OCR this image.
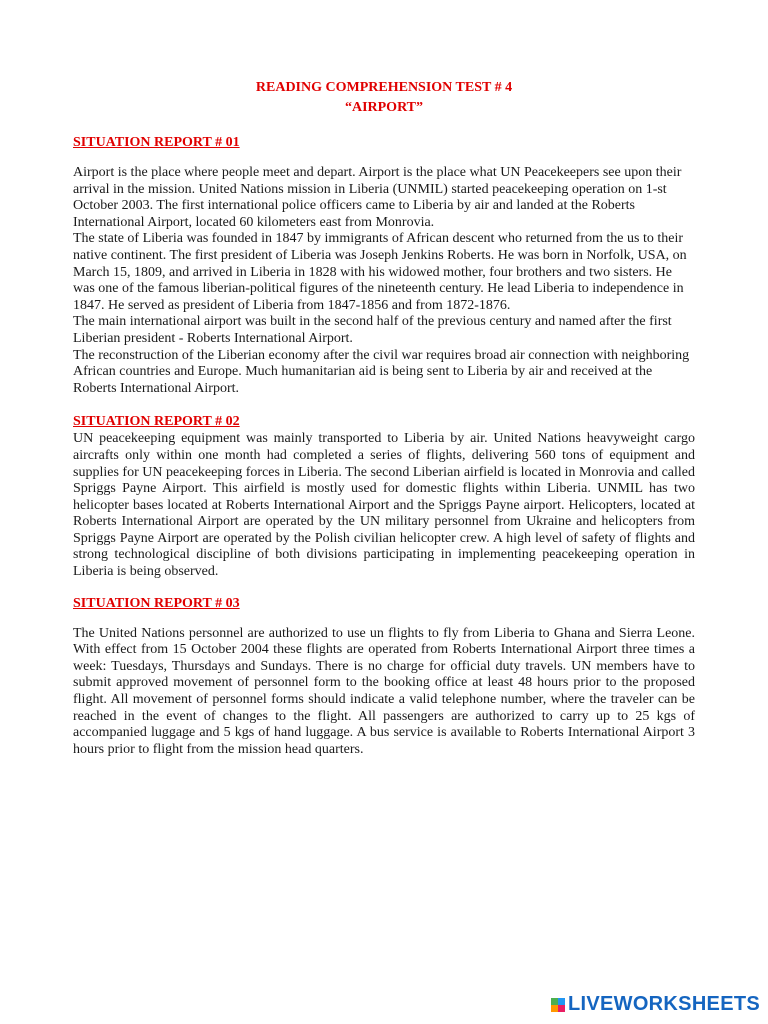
READING COMPREHENSION TEST # 4
“AIRPORT”
SITUATION REPORT # 01

Airport is the place where people meet and depart. Airport is the place what UN Peacekeepers see upon their arrival in the mission. United Nations mission in Liberia (UNMIL) started peacekeeping operation on 1-st October 2003. The first international police officers came to Liberia by air and landed at the Roberts International Airport, located 60 kilometers east from Monrovia.

The state of Liberia was founded in 1847 by immigrants of African descent who returned from the us to their native continent. The first president of Liberia was Joseph Jenkins Roberts. He was born in Norfolk, USA, on March 15, 1809, and arrived in Liberia in 1828 with his widowed mother, four brothers and two sisters. He was one of the famous liberian-political figures of the nineteenth century. He lead Liberia to independence in 1847. He served as president of Liberia from 1847-1856 and from 1872-1876.

The main international airport was built in the second half of the previous century and named after the first Liberian president - Roberts International Airport.

The reconstruction of the Liberian economy after the civil war requires broad air connection with neighboring African countries and Europe. Much humanitarian aid is being sent to Liberia by air and received at the Roberts International Airport.

SITUATION REPORT # 02

UN peacekeeping equipment was mainly transported to Liberia by air. United Nations heavyweight cargo aircrafts only within one month had completed a series of flights, delivering 560 tons of equipment and supplies for UN peacekeeping forces in Liberia. The second Liberian airfield is located in Monrovia and called Spriggs Payne Airport. This airfield is mostly used for domestic flights within Liberia. UNMIL has two helicopter bases located at Roberts International Airport and the Spriggs Payne airport. Helicopters, located at Roberts International Airport are operated by the UN military personnel from Ukraine and helicopters from Spriggs Payne Airport are operated by the Polish civilian helicopter crew. A high level of safety of flights and strong technological discipline of both divisions participating in implementing peacekeeping operation in Liberia is being observed.

SITUATION REPORT # 03

The United Nations personnel are authorized to use un flights to fly from Liberia to Ghana and Sierra Leone. With effect from 15 October 2004 these flights are operated from Roberts International Airport three times a week: Tuesdays, Thursdays and Sundays. There is no charge for official duty travels. UN members have to submit approved movement of personnel form to the booking office at least 48 hours prior to the proposed flight. All movement of personnel forms should indicate a valid telephone number, where the traveler can be reached in the event of changes to the flight. All passengers are authorized to carry up to 25 kgs of accompanied luggage and 5 kgs of hand luggage. A bus service is available to Roberts International Airport 3 hours prior to flight from the mission head quarters.

LIVEWORKSHEETS
